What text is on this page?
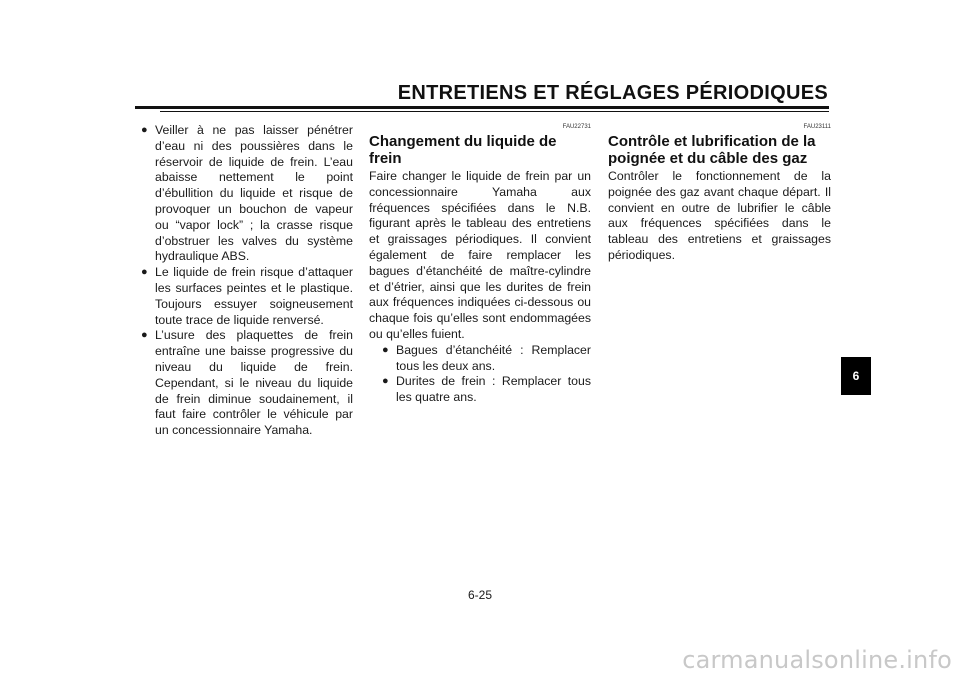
ENTRETIENS ET RÉGLAGES PÉRIODIQUES
● Veiller à ne pas laisser pénétrer d’eau ni des poussières dans le réservoir de liquide de frein. L’eau abaisse nettement le point d’ébullition du liquide et risque de provoquer un bouchon de vapeur ou “vapor lock” ; la crasse risque d’obstruer les valves du système hydraulique ABS.
● Le liquide de frein risque d’attaquer les surfaces peintes et le plastique. Toujours essuyer soigneusement toute trace de liquide renversé.
● L’usure des plaquettes de frein entraîne une baisse progressive du niveau du liquide de frein. Cependant, si le niveau du liquide de frein diminue soudainement, il faut faire contrôler le véhicule par un concessionnaire Yamaha.
FAU22731
Changement du liquide de frein

Faire changer le liquide de frein par un concessionnaire Yamaha aux fréquences spécifiées dans le N.B. figurant après le tableau des entretiens et graissages périodiques. Il convient également de faire remplacer les bagues d’étanchéité de maître-cylindre et d’étrier, ainsi que les durites de frein aux fréquences indiquées ci-dessous ou chaque fois qu’elles sont endommagées ou qu’elles fuient.

● Bagues d’étanchéité : Remplacer tous les deux ans.
● Durites de frein : Remplacer tous les quatre ans.
FAU23111
Contrôle et lubrification de la poignée et du câble des gaz

Contrôler le fonctionnement de la poignée des gaz avant chaque départ. Il convient en outre de lubrifier le câble aux fréquences spécifiées dans le tableau des entretiens et graissages périodiques.

6
6-25
carmanualsonline.info
